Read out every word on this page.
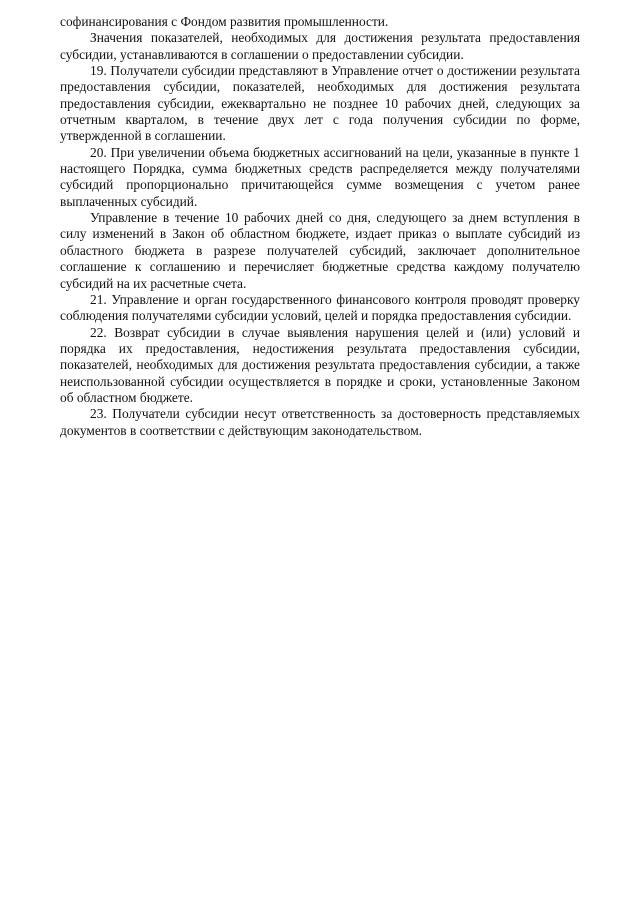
софинансирования с Фондом развития промышленности.

Значения показателей, необходимых для достижения результата предоставления субсидии, устанавливаются в соглашении о предоставлении субсидии.

19. Получатели субсидии представляют в Управление отчет о достижении результата предоставления субсидии, показателей, необходимых для достижения результата предоставления субсидии, ежеквартально не позднее 10 рабочих дней, следующих за отчетным кварталом, в течение двух лет с года получения субсидии по форме, утвержденной в соглашении.

20. При увеличении объема бюджетных ассигнований на цели, указанные в пункте 1 настоящего Порядка, сумма бюджетных средств распределяется между получателями субсидий пропорционально причитающейся сумме возмещения с учетом ранее выплаченных субсидий.

Управление в течение 10 рабочих дней со дня, следующего за днем вступления в силу изменений в Закон об областном бюджете, издает приказ о выплате субсидий из областного бюджета в разрезе получателей субсидий, заключает дополнительное соглашение к соглашению и перечисляет бюджетные средства каждому получателю субсидий на их расчетные счета.

21. Управление и орган государственного финансового контроля проводят проверку соблюдения получателями субсидии условий, целей и порядка предоставления субсидии.

22. Возврат субсидии в случае выявления нарушения целей и (или) условий и порядка их предоставления, недостижения результата предоставления субсидии, показателей, необходимых для достижения результата предоставления субсидии, а также неиспользованной субсидии осуществляется в порядке и сроки, установленные Законом об областном бюджете.

23. Получатели субсидии несут ответственность за достоверность представляемых документов в соответствии с действующим законодательством.
